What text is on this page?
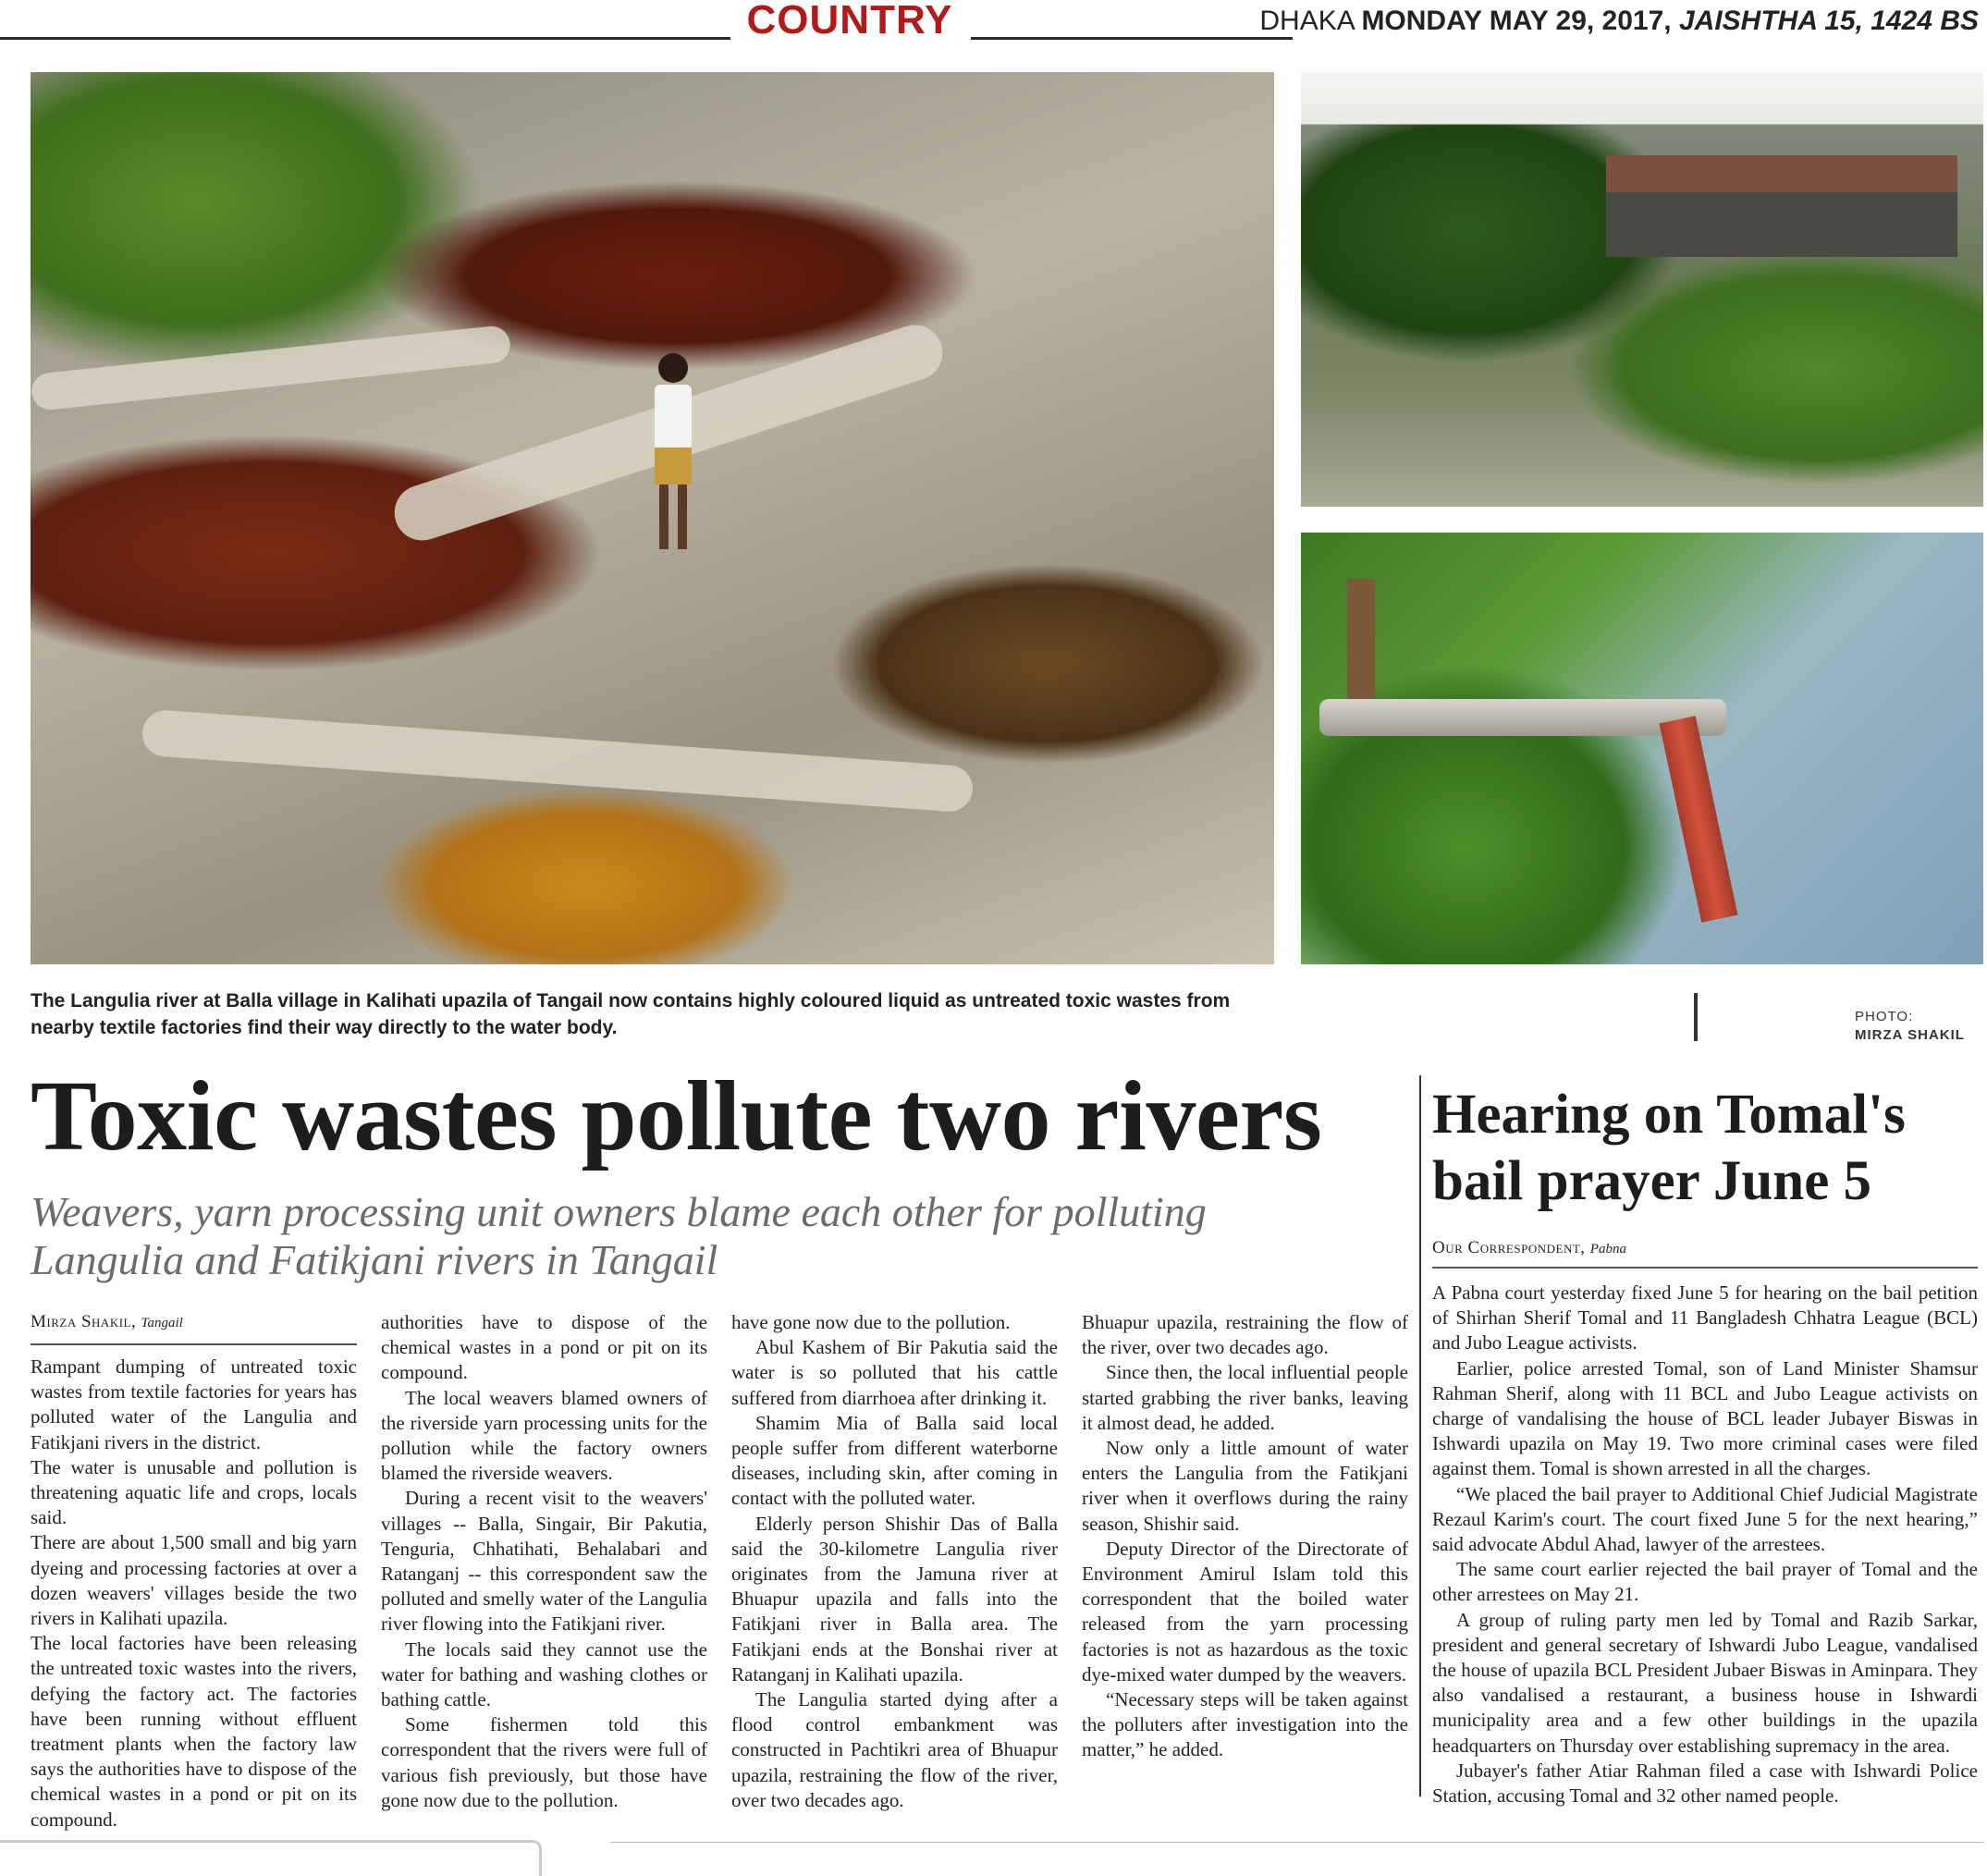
COUNTRY	DHAKA MONDAY MAY 29, 2017, JAISHTHA 15, 1424 BS
The Langulia river at Balla village in Kalihati upazila of Tangail now contains highly coloured liquid as untreated toxic wastes from nearby textile factories find their way directly to the water body.
PHOTO:
MIRZA SHAKIL
Toxic wastes pollute two rivers
Weavers, yarn processing unit owners blame each other for polluting Langulia and Fatikjani rivers in Tangail
Mirza Shakil, Tangail

Rampant dumping of untreated toxic wastes from textile factories for years has polluted water of the Langulia and Fatikjani rivers in the district.

The water is unusable and pollution is threatening aquatic life and crops, locals said.

There are about 1,500 small and big yarn dyeing and processing factories at over a dozen weavers' villages beside the two rivers in Kalihati upazila.

The local factories have been releasing the untreated toxic wastes into the rivers, defying the factory act. The factories have been running without effluent treatment plants when the factory law says the authorities have to dispose of the chemical wastes in a pond or pit on its compound.

authorities have to dispose of the chemical wastes in a pond or pit on its compound.

The local weavers blamed owners of the riverside yarn processing units for the pollution while the factory owners blamed the riverside weavers.

During a recent visit to the weavers' villages -- Balla, Singair, Bir Pakutia, Tenguria, Chhatihati, Behalabari and Ratanganj -- this correspondent saw the polluted and smelly water of the Langulia river flowing into the Fatikjani river.

The locals said they cannot use the water for bathing and washing clothes or bathing cattle.

Some fishermen told this correspondent that the rivers were full of various fish previously, but those have gone now due to the pollution.

have gone now due to the pollution.

Abul Kashem of Bir Pakutia said the water is so polluted that his cattle suffered from diarrhoea after drinking it.

Shamim Mia of Balla said local people suffer from different waterborne diseases, including skin, after coming in contact with the polluted water.

Elderly person Shishir Das of Balla said the 30-kilometre Langulia river originates from the Jamuna river at Bhuapur upazila and falls into the Fatikjani river in Balla area. The Fatikjani ends at the Bonshai river at Ratanganj in Kalihati upazila.

The Langulia started dying after a flood control embankment was constructed in Pachtikri area of Bhuapur upazila, restraining the flow of the river, over two decades ago.

Bhuapur upazila, restraining the flow of the river, over two decades ago.

Since then, the local influential people started grabbing the river banks, leaving it almost dead, he added.

Now only a little amount of water enters the Langulia from the Fatikjani river when it overflows during the rainy season, Shishir said.

Deputy Director of the Directorate of Environment Amirul Islam told this correspondent that the boiled water released from the yarn processing factories is not as hazardous as the toxic dye-mixed water dumped by the weavers.

“Necessary steps will be taken against the polluters after investigation into the matter,” he added.

Hearing on Tomal's bail prayer June 5
Our Correspondent, Pabna

A Pabna court yesterday fixed June 5 for hearing on the bail petition of Shirhan Sherif Tomal and 11 Bangladesh Chhatra League (BCL) and Jubo League activists.

Earlier, police arrested Tomal, son of Land Minister Shamsur Rahman Sherif, along with 11 BCL and Jubo League activists on charge of vandalising the house of BCL leader Jubayer Biswas in Ishwardi upazila on May 19. Two more criminal cases were filed against them. Tomal is shown arrested in all the charges.

“We placed the bail prayer to Additional Chief Judicial Magistrate Rezaul Karim's court. The court fixed June 5 for the next hearing,” said advocate Abdul Ahad, lawyer of the arrestees.

The same court earlier rejected the bail prayer of Tomal and the other arrestees on May 21.

A group of ruling party men led by Tomal and Razib Sarkar, president and general secretary of Ishwardi Jubo League, vandalised the house of upazila BCL President Jubaer Biswas in Aminpara. They also vandalised a restaurant, a business house in Ishwardi municipality area and a few other buildings in the upazila headquarters on Thursday over establishing supremacy in the area.

Jubayer's father Atiar Rahman filed a case with Ishwardi Police Station, accusing Tomal and 32 other named people.
